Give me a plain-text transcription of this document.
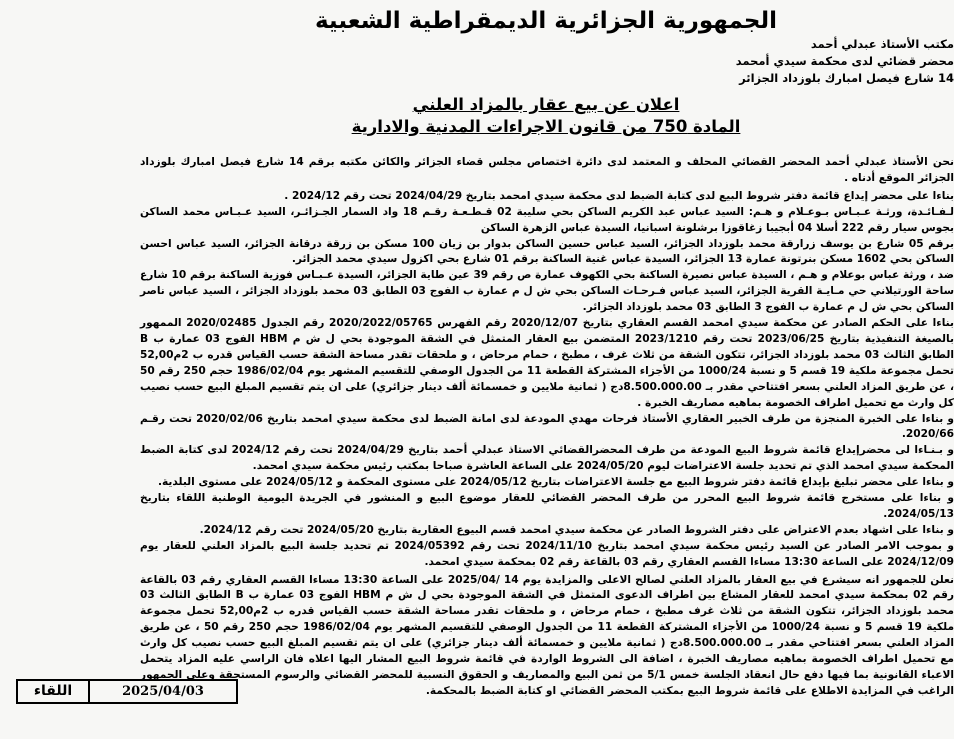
الجمهورية الجزائرية الديمقراطية الشعبية
مكتب الأستاذ عبدلي أحمد
محضر قضائي لدى محكمة سيدي أمحمد
14 شارع فيصل امبارك بلوزداد الجزائر
اعلان عن بيع عقار بالمزاد العلني
المادة 750 من قانون الاجراءات المدنية والادارية

نحن الأستاذ عبدلي أحمد المحضر القضائي المحلف و المعتمد لدى دائرة اختصاص مجلس قضاء الجزائر والكائن مكتبه برقم 14 شارع فيصل امبارك بلوزداد الجزائر الموقع أدناه .

بناءا على محضر إيداع قائمة دفتر شروط البيع لدى كتابة الضبط لدى محكمة سيدي امحمد بتاريخ 2024/04/29 تحت رقم 2024/12 .

لـفـائـدة، ورثـة عـبـاس بـوعـلام و هـم: السيد عباس عبد الكريم الساكن بحي سليبة 02 قـطـعـة رقـم 18 واد السمار الجـزائـر، السيد عـبـاس محمد الساكن بجوس سيار رقم 222 أسلا 04 أبجيبا زغاقوزا برشلونة اسبانيا، السيدة عباس الزهرة الساكن

برقم 05 شارع بن يوسف زرارقة محمد بلوزداد الجزائر، السيد عباس حسين الساكن بدوار بن زيان 100 مسكن بن زرقة درقانة الجزائر، السيد عباس احسن الساكن بحي 1602 مسكن بنرتونة عمارة 13 الجزائر، السيدة عباس غنية الساكنة برقم 01 شارع بحي اكزول سيدي محمد الجزائر.

ضد ، ورثة عباس بوعلام و هـم ، السيدة عباس نصيرة الساكنة بحي الكهوف عمارة ص رقم 39 عين طاية الجزائر، السيدة عـبـاس فوزية الساكنة برقم 10 شارع ساحة الورتيلاني حي مـايـة القرية الجزائر، السيد عباس فـرحـات الساكن بحي ش ل م عمارة ب الفوج 03 الطابق 03 محمد بلوزداد الجزائر ، السيد عباس ناصر الساكن بحي ش ل م عمارة ب الفوج 3 الطابق 03 محمد بلوزداد الجزائر.

بناءا على الحكم الصادر عن محكمة سيدي امحمد القسم العقاري بتاريخ 2020/12/07 رقم الفهرس 2020/2022/05765 رقم الجدول 2020/02485 الممهور بالصيغة التنفيذية بتاريخ 2023/06/25 تحت رقم 2023/1210 المتضمن بيع العقار المتمثل في الشقة الموجودة بحي ل ش م HBM الفوج 03 عمارة ب B الطابق الثالث 03 محمد بلوزداد الجزائر، تتكون الشقة من ثلاث غرف ، مطبخ ، حمام مرحاض ، و ملحقات تقدر مساحة الشقة حسب القياس قدره ب 2م52,00 تحمل مجموعة ملكية 19 قسم 5 و نسبة 1000/24 من الأجزاء المشتركة القطعة 11 من الجدول الوصفي للتقسيم المشهر يوم 1986/02/04 حجم 250 رقم 50 ، عن طريق المزاد العلني بسعر افتتاحي مقدر بـ 8.500.000.00دج ( ثمانية ملايين و خمسمائة ألف دينار جزائري) على ان يتم تقسيم المبلغ البيع حسب نصيب كل وارث مع تحميل اطراف الخصومة بماهيه مصاريف الخبرة .

و بناءا على الخبرة المنجزة من طرف الخبير العقاري الأستاذ فرحات مهدي المودعة لدى امانة الضبط لدى محكمة سيدي امحمد بتاريخ 2020/02/06 تحت رقـم 2020/66.

و بـنـاءا لى محضرإيداع قائمة شروط البيع المودعة من طرف المحضرالقضائي الاستاذ عبدلي أحمد بتاريخ 2024/04/29 تحت رقم 2024/12 لدى كتابة الضبط المحكمة سيدي امحمد الذي تم تحديد جلسة الاعتراضات ليوم 2024/05/20 على الساعة العاشرة صباحا بمكتب رئيس محكمة سيدي امحمد.

و بناءا على محضر تبليغ بإيداع قائمة دفتر شروط البيع مع جلسة الاعتراضات بتاريخ 2024/05/12 على مستوى المحكمة و 2024/05/12 على مستوى البلدية.

و بناءا على مستخرج قائمة شروط البيع المحرر من طرف المحضر القضائي للعقار موضوع البيع و المنشور في الجريدة اليومية الوطنية اللقاء بتاريخ 2024/05/13.

و بناءا على اشهاد بعدم الاعتراض على دفتر الشروط الصادر عن محكمة سيدي امحمد قسم البيوع العقارية بتاريخ 2024/05/20 تحت رقم 2024/12.

و بموجب الامر الصادر عن السيد رئيس محكمة سيدي امحمد بتاريخ 2024/11/10 تحت رقم 2024/05392 تم تحديد جلسة البيع بالمزاد العلني للعقار يوم 2024/12/09 على الساعة 13:30 مساءا القسم العقاري رقم 03 بالقاعة رقم 02 بمحكمة سيدي امحمد.

نعلن للجمهور انه سيشرع في بيع العقار بالمزاد العلني لصالح الاعلى والمزايدة يوم 14 /2025/04 على الساعة 13:30 مساءا القسم العقاري رقم 03 بالقاعة رقم 02 بمحكمة سيدي امحمد للعقار المشاع بين اطراف الدعوى المتمثل في الشقة الموجودة بحي ل ش م HBM الفوج 03 عمارة ب B الطابق الثالث 03 محمد بلوزداد الجزائر، تتكون الشقة من ثلاث غرف مطبخ ، حمام مرحاض ، و ملحقات تقدر مساحة الشقة حسب القياس قدره ب 2م52,00 تحمل مجموعة ملكية 19 قسم 5 و نسبة 1000/24 من الأجزاء المشتركة القطعة 11 من الجدول الوصفي للتقسيم المشهر يوم 1986/02/04 حجم 250 رقم 50 ، عن طريق المزاد العلني بسعر افتتاحي مقدر بـ 8.500.000.00دج ( ثمانية ملايين و خمسمائة ألف دينار جزائري) على ان يتم تقسيم المبلغ البيع حسب نصيب كل وارث مع تحميل اطراف الخصومة بماهيه مصاريف الخبرة ، اضافة الى الشروط الواردة في قائمة شروط البيع المشار اليها اعلاه فان الراسي عليه المزاد يتحمل الاعباء القانونية بما فيها دفع حال انعقاد الجلسة خمس 5/1 من ثمن البيع والمصاريف و الحقوق النسبية للمحضر القضائي والرسوم المستحقة وعلى الجمهور الراغب في المزايدة الاطلاع على قائمة شروط البيع بمكتب المحضر القضائي او كتابة الضبط بالمحكمة.

اللقاء	2025/04/03
